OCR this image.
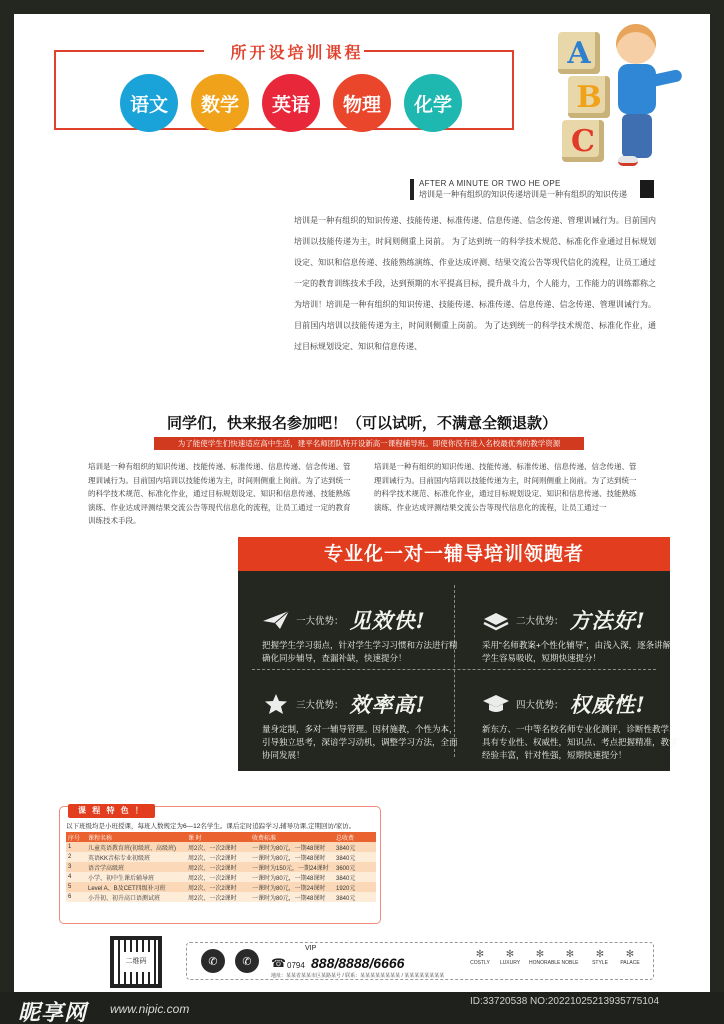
所开设培训课程
语文	数学	英语	物理	化学
A
B
C
AFTER A MINUTE OR TWO HE OPE
培训是一种有组织的知识传递培训是一种有组织的知识传递
培训是一种有组织的知识传递、技能传递、标准传递、信息传递、信念传递、管理训诫行为。目前国内培训以技能传递为主，时间则侧重上岗前。 为了达到统一的科学技术规范、标准化作业通过目标规划设定、知识和信息传递、技能熟练演练、作业达成评测、结果交流公告等现代信化的流程，让员工通过一定的教育训练技术手段，达到预期的水平提高目标，提升战斗力，个人能力，工作能力的训练都称之为培训！培训是一种有组织的知识传递、技能传递、标准传递、信息传递、信念传递、管理训诫行为。目前国内培训以技能传递为主，时间则侧重上岗前。 为了达到统一的科学技术规范、标准化作业，通过目标规划设定、知识和信息传递、
同学们，快来报名参加吧！（可以试听，不满意全额退款）
为了能使学生们快速适应高中生活，建平名师团队特开设新高一课程辅导班。即使你没有进入名校最优秀的教学资源
培训是一种有组织的知识传递、技能传递、标准传递、信息传递、信念传递、管理训诫行为。目前国内培训以技能传递为主，时间则侧重上岗前。为了达到统一的科学技术规范、标准化作业，通过目标规划设定、知识和信息传递、技能熟练演练、作业达成评测结果交流公告等现代信息化的流程，让员工通过一定的教育训练技术手段。
培训是一种有组织的知识传递、技能传递、标准传递、信息传递、信念传递、管理训诫行为。目前国内培训以技能传递为主，时间则侧重上岗前。为了达到统一的科学技术规范、标准化作业，通过目标规划设定、知识和信息传递、技能熟练演练、作业达成评测结果交流公告等现代信息化的流程，让员工通过一
专业化一对一辅导培训领跑者
一大优势： 见效快!
把握学生学习弱点，针对学生学习习惯和方法进行精确化同步辅导，查漏补缺，快速提分！
二大优势： 方法好!
采用“名师教案+个性化辅导”，由浅入深，逐条讲解，学生容易吸收，短期快速提分！
三大优势： 效率高!
量身定制，多对一辅导管理。因材施教，个性为本，引导独立思考，深谙学习动机，调整学习方法，全面协同发展！
四大优势： 权威性!
新东方、一中等名校名师专业化测评，诊断性教学，具有专业性、权威性，知识点、考点把握精准，教学经验丰富，针对性强，短期快速提分！
课 程 特 色 ！
以下班级均是小班授课，每班人数规定为6—12名学生。课后定时追踪学习,辅导功课,定期回访/家访。
序号	课程名称	课 时	收费标准	总收费
1	儿童英语教育班(初级班、高级班)	周2次、一次2课时	一课时为80元，一期48课时	3840元
2	英语KK音标专业初级班	周2次、一次2课时	一课时为80元，一期48课时	3840元
3	语音学高级班	周2次、一次2课时	一课时为150元，一期24课时	3600元
4	小学、初中生课后辅导班	周2次、一次2课时	一课时为80元，一期48课时	3840元
5	Level A、B及CET四级补习班	周2次、一次2课时	一课时为80元，一期24课时	1920元
6	小升初、初升高口语测试班	周2次、一次2课时	一课时为80元，一期48课时	3840元
二维码	✆	✆
VIP
☎ 0794 888/8888/6666
地址：某某省某某市区某路某号 / 联系：某某某某某某某某 / 某某某某某某某某
✻
COSTLY
✻
LUXURY
✻
HONORABLE
✻
NOBLE
✻
STYLE
✻
PALACE
昵享网 www.nipic.com
ID:33720538 NO:20221025213935775104
